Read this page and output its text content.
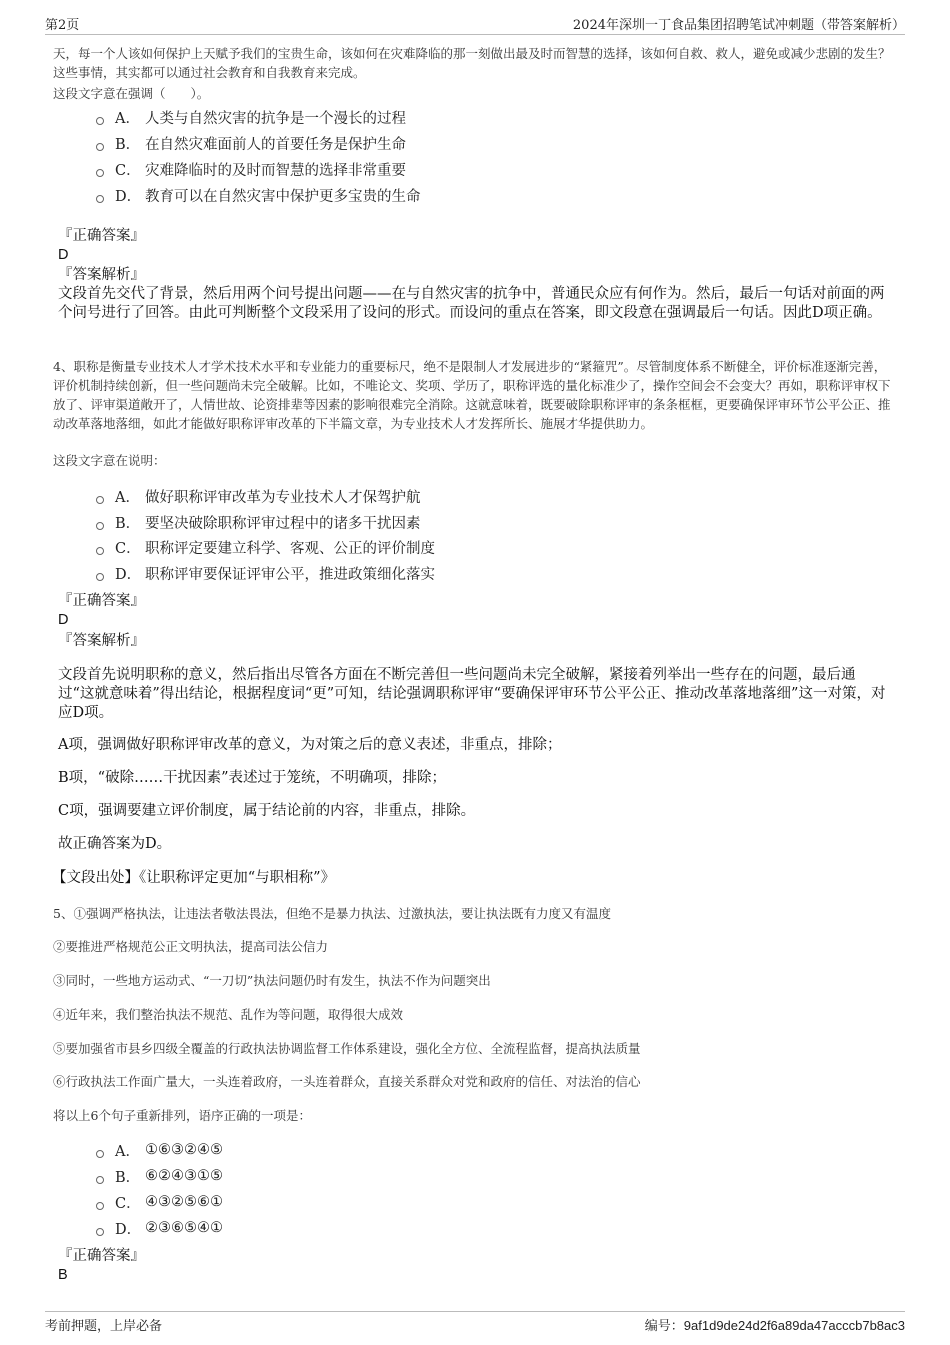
第2页	2024年深圳一丁食品集团招聘笔试冲刺题（带答案解析）
天，每一个人该如何保护上天赋予我们的宝贵生命，该如何在灾难降临的那一刻做出最及时而智慧的选择，该如何自救、救人，避免或减少悲剧的发生？这些事情，其实都可以通过社会教育和自我教育来完成。
这段文字意在强调（　　）。
A． 人类与自然灾害的抗争是一个漫长的过程
B． 在自然灾难面前人的首要任务是保护生命
C． 灾难降临时的及时而智慧的选择非常重要
D． 教育可以在自然灾害中保护更多宝贵的生命
『正确答案』
D
『答案解析』
文段首先交代了背景，然后用两个问号提出问题——在与自然灾害的抗争中，普通民众应有何作为。然后，最后一句话对前面的两个问号进行了回答。由此可判断整个文段采用了设问的形式。而设问的重点在答案，即文段意在强调最后一句话。因此D项正确。
4、职称是衡量专业技术人才学术技术水平和专业能力的重要标尺，绝不是限制人才发展进步的“紧箍咒”。尽管制度体系不断健全，评价标准逐渐完善，评价机制持续创新，但一些问题尚未完全破解。比如，不唯论文、奖项、学历了，职称评选的量化标准少了，操作空间会不会变大？再如，职称评审权下放了、评审渠道敞开了，人情世故、论资排辈等因素的影响很难完全消除。这就意味着，既要破除职称评审的条条框框，更要确保评审环节公平公正、推动改革落地落细，如此才能做好职称评审改革的下半篇文章，为专业技术人才发挥所长、施展才华提供助力。
这段文字意在说明：
A． 做好职称评审改革为专业技术人才保驾护航
B． 要坚决破除职称评审过程中的诸多干扰因素
C． 职称评定要建立科学、客观、公正的评价制度
D． 职称评审要保证评审公平，推进政策细化落实
『正确答案』
D
『答案解析』
文段首先说明职称的意义，然后指出尽管各方面在不断完善但一些问题尚未完全破解，紧接着列举出一些存在的问题，最后通过“这就意味着”得出结论，根据程度词“更”可知，结论强调职称评审“要确保评审环节公平公正、推动改革落地落细”这一对策，对应D项。
A项，强调做好职称评审改革的意义，为对策之后的意义表述，非重点，排除；
B项，“破除……干扰因素”表述过于笼统，不明确项，排除；
C项，强调要建立评价制度，属于结论前的内容，非重点，排除。
故正确答案为D。
【文段出处】《让职称评定更加“与职相称”》
5、①强调严格执法，让违法者敬法畏法，但绝不是暴力执法、过激执法，要让执法既有力度又有温度
②要推进严格规范公正文明执法，提高司法公信力
③同时，一些地方运动式、“一刀切”执法问题仍时有发生，执法不作为问题突出
④近年来，我们整治执法不规范、乱作为等问题，取得很大成效
⑤要加强省市县乡四级全覆盖的行政执法协调监督工作体系建设，强化全方位、全流程监督，提高执法质量
⑥行政执法工作面广量大，一头连着政府，一头连着群众，直接关系群众对党和政府的信任、对法治的信心
将以上6个句子重新排列，语序正确的一项是：
A． ①⑥③②④⑤
B． ⑥②④③①⑤
C． ④③②⑤⑥①
D． ②③⑥⑤④①
『正确答案』
B
考前押题，上岸必备	编号：9af1d9de24d2f6a89da47acccb7b8ac3
